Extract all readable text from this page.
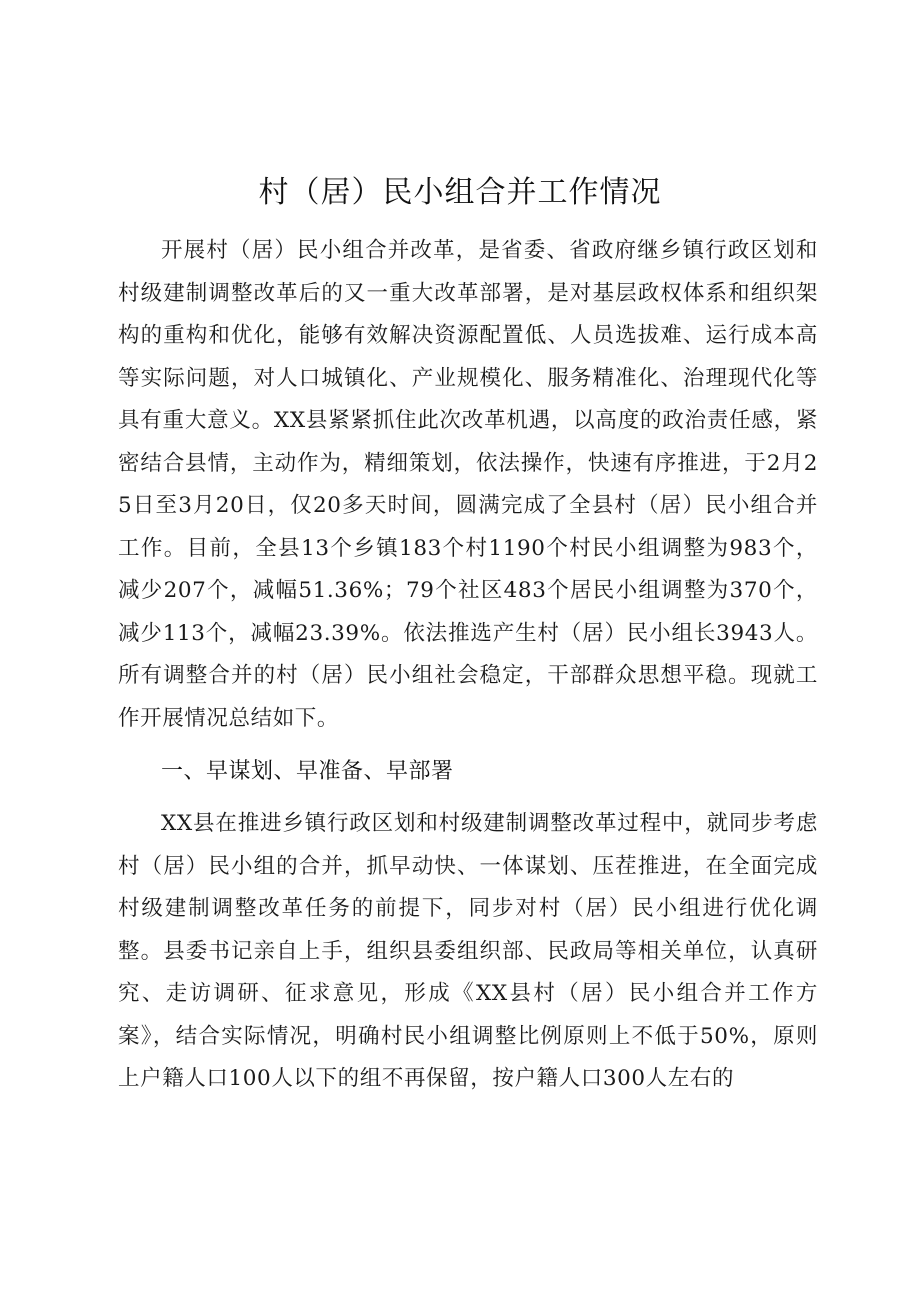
村（居）民小组合并工作情况

开展村（居）民小组合并改革，是省委、省政府继乡镇行政区划和村级建制调整改革后的又一重大改革部署，是对基层政权体系和组织架构的重构和优化，能够有效解决资源配置低、人员选拔难、运行成本高等实际问题，对人口城镇化、产业规模化、服务精准化、治理现代化等具有重大意义。XX县紧紧抓住此次改革机遇，以高度的政治责任感，紧密结合县情，主动作为，精细策划，依法操作，快速有序推进，于2月25日至3月20日，仅20多天时间，圆满完成了全县村（居）民小组合并工作。目前，全县13个乡镇183个村1190个村民小组调整为983个，减少207个，减幅51.36%；79个社区483个居民小组调整为370个，减少113个，减幅23.39%。依法推选产生村（居）民小组长3943人。所有调整合并的村（居）民小组社会稳定，干部群众思想平稳。现就工作开展情况总结如下。

一、早谋划、早准备、早部署

XX县在推进乡镇行政区划和村级建制调整改革过程中，就同步考虑村（居）民小组的合并，抓早动快、一体谋划、压茬推进，在全面完成村级建制调整改革任务的前提下，同步对村（居）民小组进行优化调整。县委书记亲自上手，组织县委组织部、民政局等相关单位，认真研究、走访调研、征求意见，形成《XX县村（居）民小组合并工作方案》，结合实际情况，明确村民小组调整比例原则上不低于50%，原则上户籍人口100人以下的组不再保留，按户籍人口300人左右的
